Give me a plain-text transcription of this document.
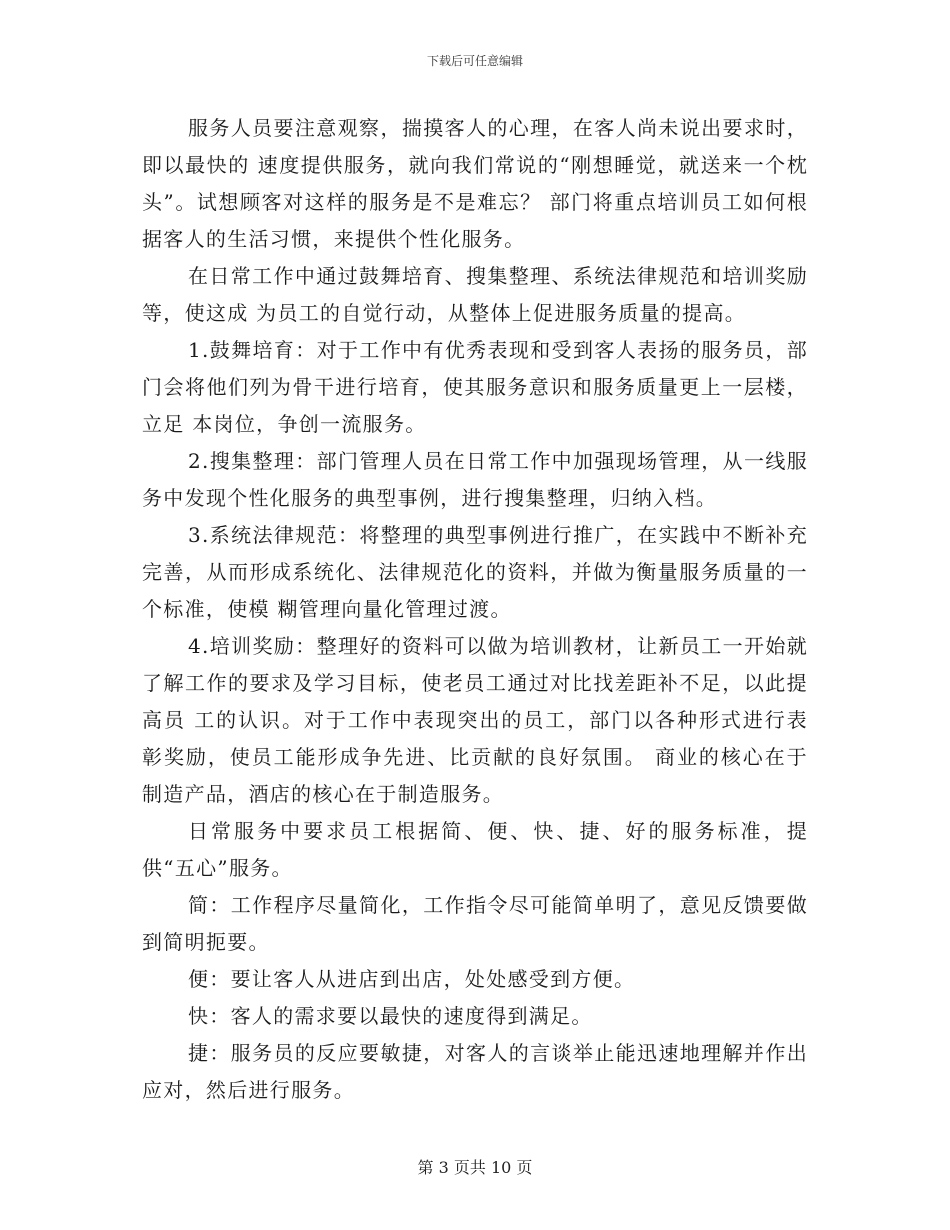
下载后可任意编辑

服务人员要注意观察，揣摸客人的心理，在客人尚未说出要求时，即以最快的 速度提供服务，就向我们常说的“刚想睡觉，就送来一个枕头”。试想顾客对这样的服务是不是难忘？ 部门将重点培训员工如何根据客人的生活习惯，来提供个性化服务。

在日常工作中通过鼓舞培育、搜集整理、系统法律规范和培训奖励等，使这成 为员工的自觉行动，从整体上促进服务质量的提高。

1.鼓舞培育：对于工作中有优秀表现和受到客人表扬的服务员，部门会将他们列为骨干进行培育，使其服务意识和服务质量更上一层楼，立足 本岗位，争创一流服务。

2.搜集整理：部门管理人员在日常工作中加强现场管理，从一线服务中发现个性化服务的典型事例，进行搜集整理，归纳入档。

3.系统法律规范：将整理的典型事例进行推广，在实践中不断补充完善，从而形成系统化、法律规范化的资料，并做为衡量服务质量的一个标准，使模 糊管理向量化管理过渡。

4.培训奖励：整理好的资料可以做为培训教材，让新员工一开始就了解工作的要求及学习目标，使老员工通过对比找差距补不足，以此提高员 工的认识。对于工作中表现突出的员工，部门以各种形式进行表彰奖励，使员工能形成争先进、比贡献的良好氛围。 商业的核心在于制造产品，酒店的核心在于制造服务。

日常服务中要求员工根据简、便、快、捷、好的服务标准，提供“五心”服务。

简：工作程序尽量简化，工作指令尽可能简单明了，意见反馈要做到简明扼要。

便：要让客人从进店到出店，处处感受到方便。

快：客人的需求要以最快的速度得到满足。

捷：服务员的反应要敏捷，对客人的言谈举止能迅速地理解并作出应对，然后进行服务。

第 3 页共 10 页
